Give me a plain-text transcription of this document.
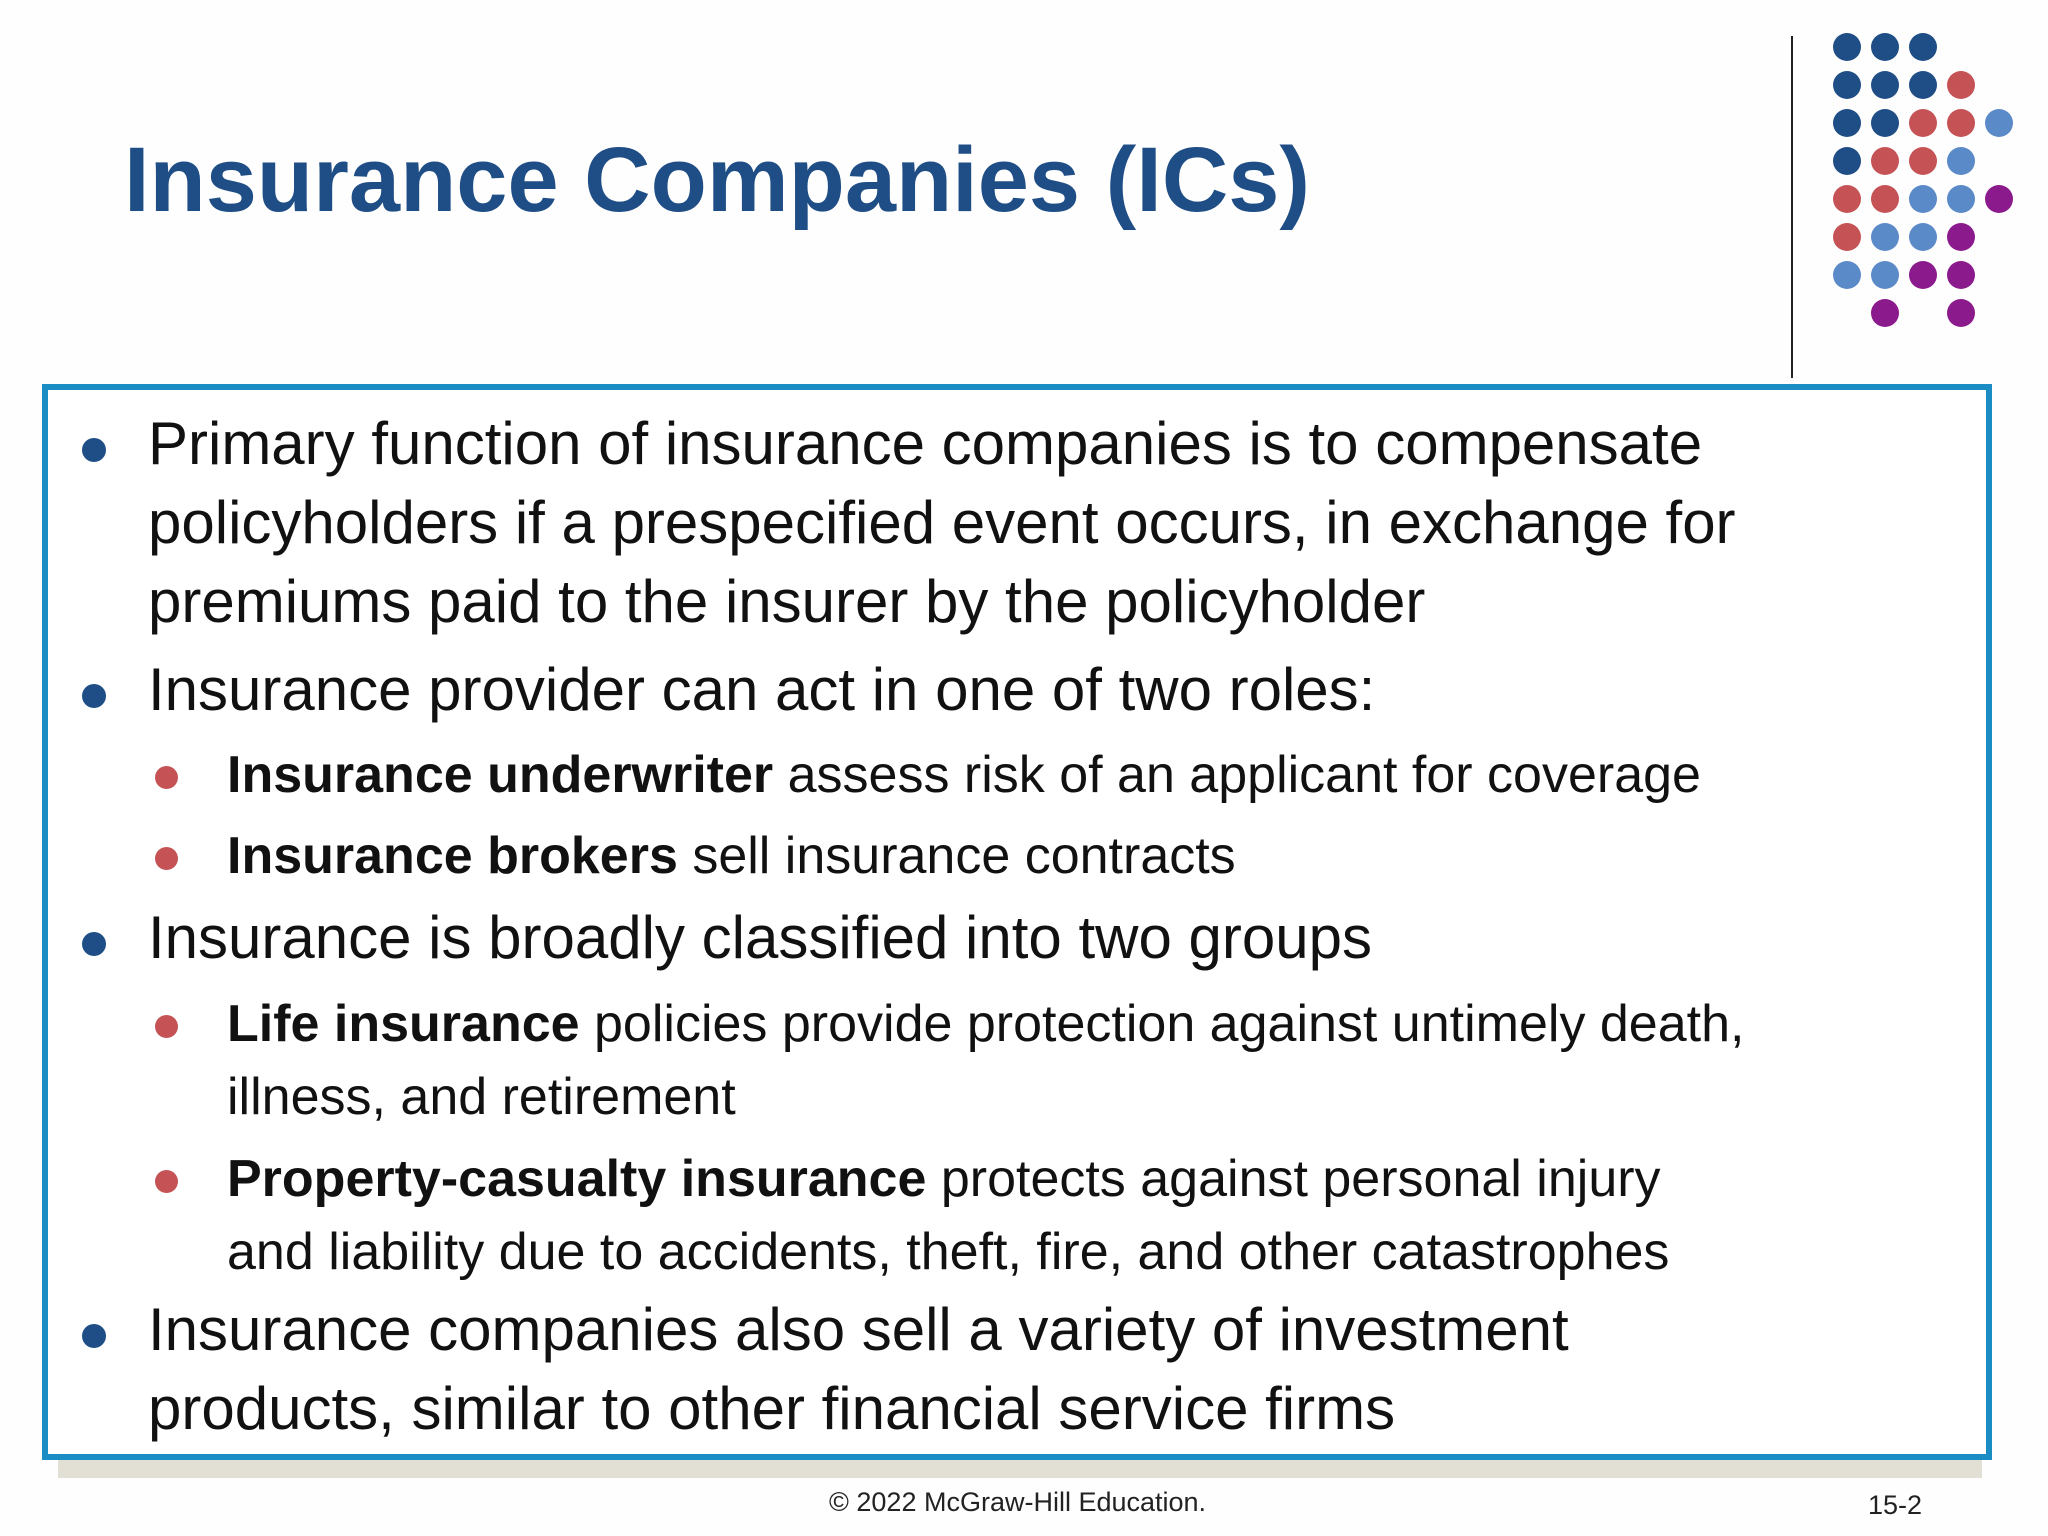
Insurance Companies (ICs)
Primary function of insurance companies is to compensate
policyholders if a prespecified event occurs, in exchange for
premiums paid to the insurer by the policyholder
Insurance provider can act in one of two roles:
Insurance underwriter assess risk of an applicant for coverage
Insurance brokers sell insurance contracts
Insurance is broadly classified into two groups
Life insurance policies provide protection against untimely death,
illness, and retirement
Property-casualty insurance protects against personal injury
and liability due to accidents, theft, fire, and other catastrophes
Insurance companies also sell a variety of investment
products, similar to other financial service firms
© 2022 McGraw-Hill Education.	15-2
